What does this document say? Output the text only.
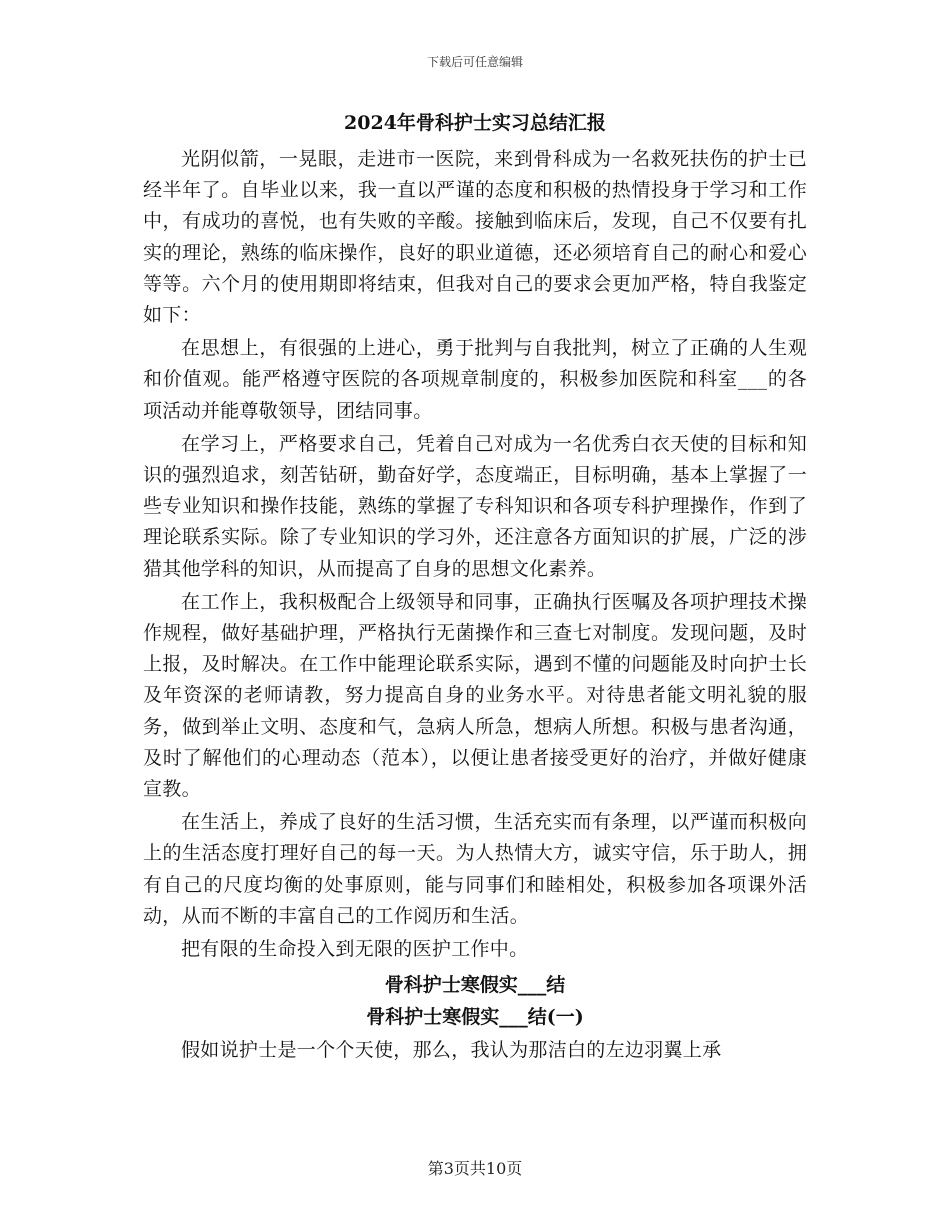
下载后可任意编辑
2024年骨科护士实习总结汇报

光阴似箭，一晃眼，走进市一医院，来到骨科成为一名救死扶伤的护士已经半年了。自毕业以来，我一直以严谨的态度和积极的热情投身于学习和工作中，有成功的喜悦，也有失败的辛酸。接触到临床后，发现，自己不仅要有扎实的理论，熟练的临床操作，良好的职业道德，还必须培育自己的耐心和爱心等等。六个月的使用期即将结束，但我对自己的要求会更加严格，特自我鉴定如下：

在思想上，有很强的上进心，勇于批判与自我批判，树立了正确的人生观和价值观。能严格遵守医院的各项规章制度的，积极参加医院和科室___的各项活动并能尊敬领导，团结同事。

在学习上，严格要求自己，凭着自己对成为一名优秀白衣天使的目标和知识的强烈追求，刻苦钻研，勤奋好学，态度端正，目标明确，基本上掌握了一些专业知识和操作技能，熟练的掌握了专科知识和各项专科护理操作，作到了理论联系实际。除了专业知识的学习外，还注意各方面知识的扩展，广泛的涉猎其他学科的知识，从而提高了自身的思想文化素养。

在工作上，我积极配合上级领导和同事，正确执行医嘱及各项护理技术操作规程，做好基础护理，严格执行无菌操作和三查七对制度。发现问题，及时上报，及时解决。在工作中能理论联系实际，遇到不懂的问题能及时向护士长及年资深的老师请教，努力提高自身的业务水平。对待患者能文明礼貌的服务，做到举止文明、态度和气，急病人所急，想病人所想。积极与患者沟通，及时了解他们的心理动态（范本），以便让患者接受更好的治疗，并做好健康宣教。

在生活上，养成了良好的生活习惯，生活充实而有条理，以严谨而积极向上的生活态度打理好自己的每一天。为人热情大方，诚实守信，乐于助人，拥有自己的尺度均衡的处事原则，能与同事们和睦相处，积极参加各项课外活动，从而不断的丰富自己的工作阅历和生活。

把有限的生命投入到无限的医护工作中。

骨科护士寒假实___结
骨科护士寒假实___结(一)

假如说护士是一个个天使，那么，我认为那洁白的左边羽翼上承

第3页共10页
